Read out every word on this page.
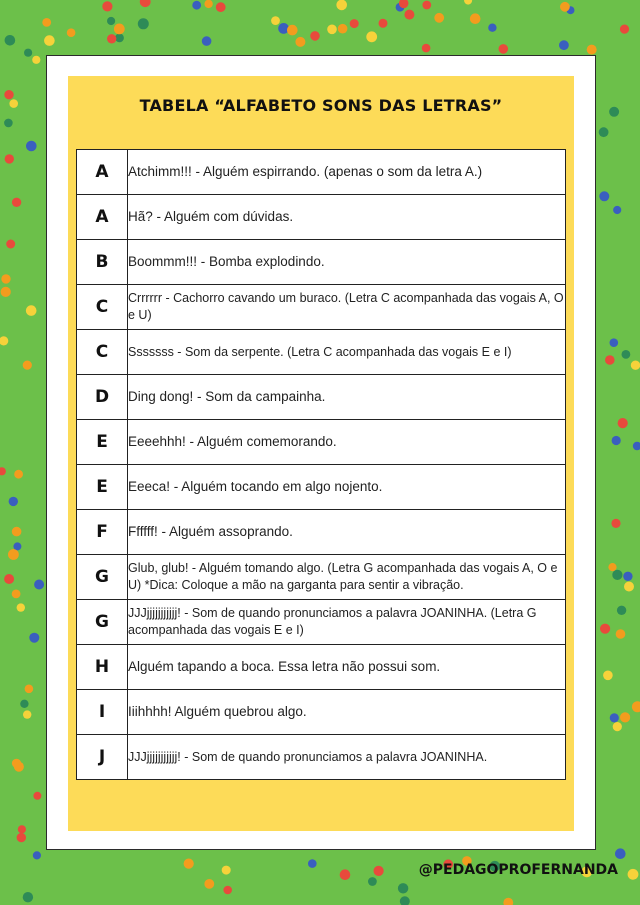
TABELA “ALFABETO SONS DAS LETRAS”
A	Atchimm!!! - Alguém espirrando. (apenas o som da letra A.)
A	Hã? - Alguém com dúvidas.
B	Boommm!!! - Bomba explodindo.
C	Crrrrrr - Cachorro cavando um buraco. (Letra C acompanhada das vogais A, O e U)
C	Sssssss - Som da serpente. (Letra C acompanhada das vogais E e I)
D	Ding dong! - Som da campainha.
E	Eeeehhh! - Alguém comemorando.
E	Eeeca! - Alguém tocando em algo nojento.
F	Ffffff! - Alguém assoprando.
G	Glub, glub! - Alguém tomando algo. (Letra G acompanhada das vogais A, O e U) *Dica: Coloque a mão na garganta para sentir a vibração.
G	JJJjjjjjjjjjjj! - Som de quando pronunciamos a palavra JOANINHA. (Letra G acompanhada das vogais E e I)
H	Alguém tapando a boca. Essa letra não possui som.
I	Iiihhhh! Alguém quebrou algo.
J	JJJjjjjjjjjjjj! - Som de quando pronunciamos a palavra JOANINHA.
@PEDAGOPROFERNANDA
